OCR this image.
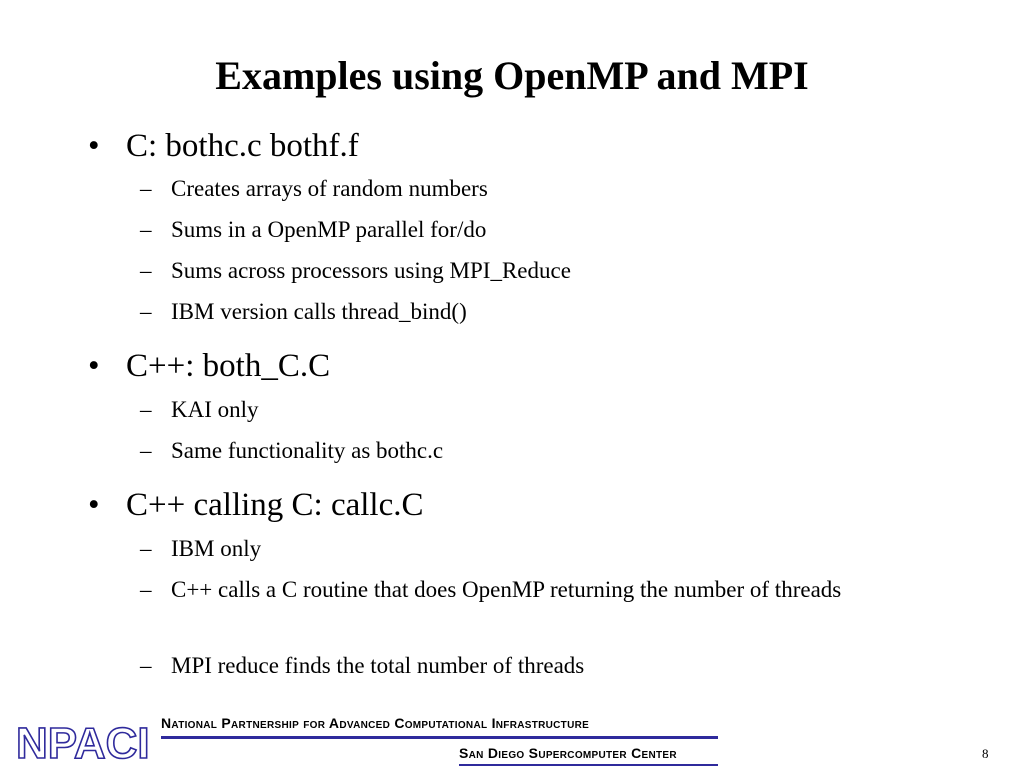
Examples using OpenMP and MPI
• C: bothc.c bothf.f
– Creates arrays of random numbers
– Sums in a OpenMP parallel for/do
– Sums across processors using MPI_Reduce
– IBM version calls thread_bind()
• C++: both_C.C
– KAI only
– Same functionality as bothc.c
• C++ calling C: callc.C
– IBM only
– C++ calls a C routine that does OpenMP returning the number of threads
– MPI reduce finds the total number of threads
NPACI National Partnership for Advanced Computational Infrastructure
San Diego Supercomputer Center	8
